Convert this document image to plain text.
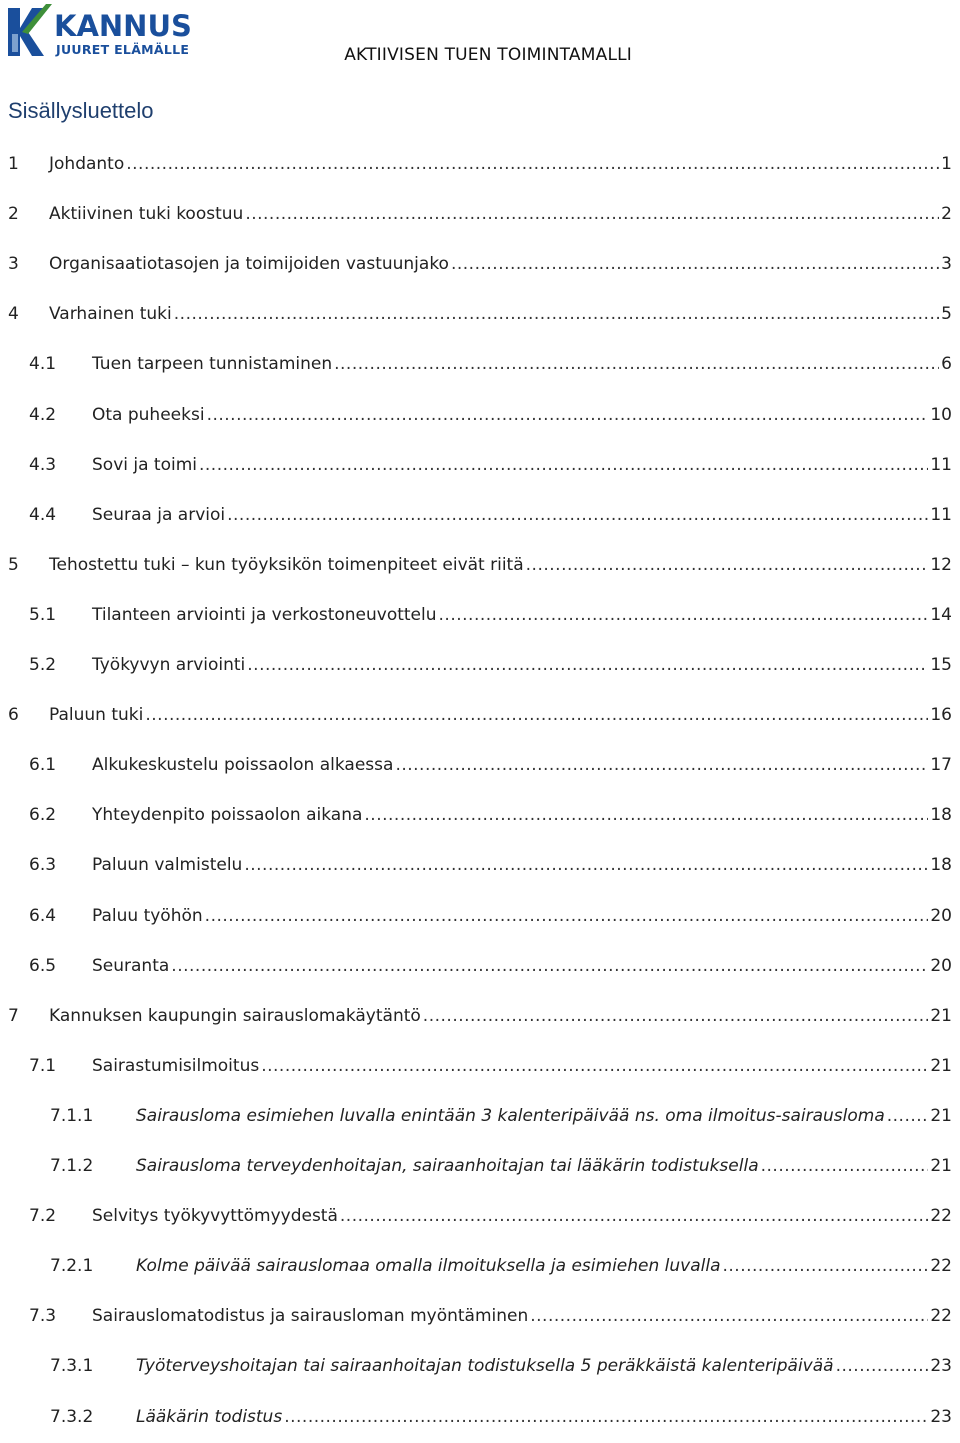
KANNUS
JUURET ELÄMÄLLE	AKTIIVISEN TUEN TOIMINTAMALLI
Sisällysluettelo
1 Johdanto .....	1
2 Aktiivinen tuki koostuu .....	2
3 Organisaatiotasojen ja toimijoiden vastuunjako .....	3
4 Varhainen tuki .....	5
4.1 Tuen tarpeen tunnistaminen .....	6
4.2 Ota puheeksi .....	10
4.3 Sovi ja toimi .....	11
4.4 Seuraa ja arvioi .....	11
5 Tehostettu tuki – kun työyksikön toimenpiteet eivät riitä .....	12
5.1 Tilanteen arviointi ja verkostoneuvottelu .....	14
5.2 Työkyvyn arviointi .....	15
6 Paluun tuki .....	16
6.1 Alkukeskustelu poissaolon alkaessa .....	17
6.2 Yhteydenpito poissaolon aikana .....	18
6.3 Paluun valmistelu .....	18
6.4 Paluu työhön .....	20
6.5 Seuranta .....	20
7 Kannuksen kaupungin sairauslomakäytäntö .....	21
7.1 Sairastumisilmoitus .....	21
7.1.1	Sairausloma esimiehen luvalla enintään 3 kalenteripäivää ns. oma ilmoitus-sairausloma .....	21
7.1.2	Sairausloma terveydenhoitajan, sairaanhoitajan tai lääkärin todistuksella .....	21
7.2 Selvitys työkyvyttömyydestä .....	22
7.2.1	Kolme päivää sairauslomaa omalla ilmoituksella ja esimiehen luvalla .....	22
7.3 Sairauslomatodistus ja sairausloman myöntäminen .....	22
7.3.1	Työterveyshoitajan tai sairaanhoitajan todistuksella 5 peräkkäistä kalenteripäivää .....	23
7.3.2	Lääkärin todistus .....	23
